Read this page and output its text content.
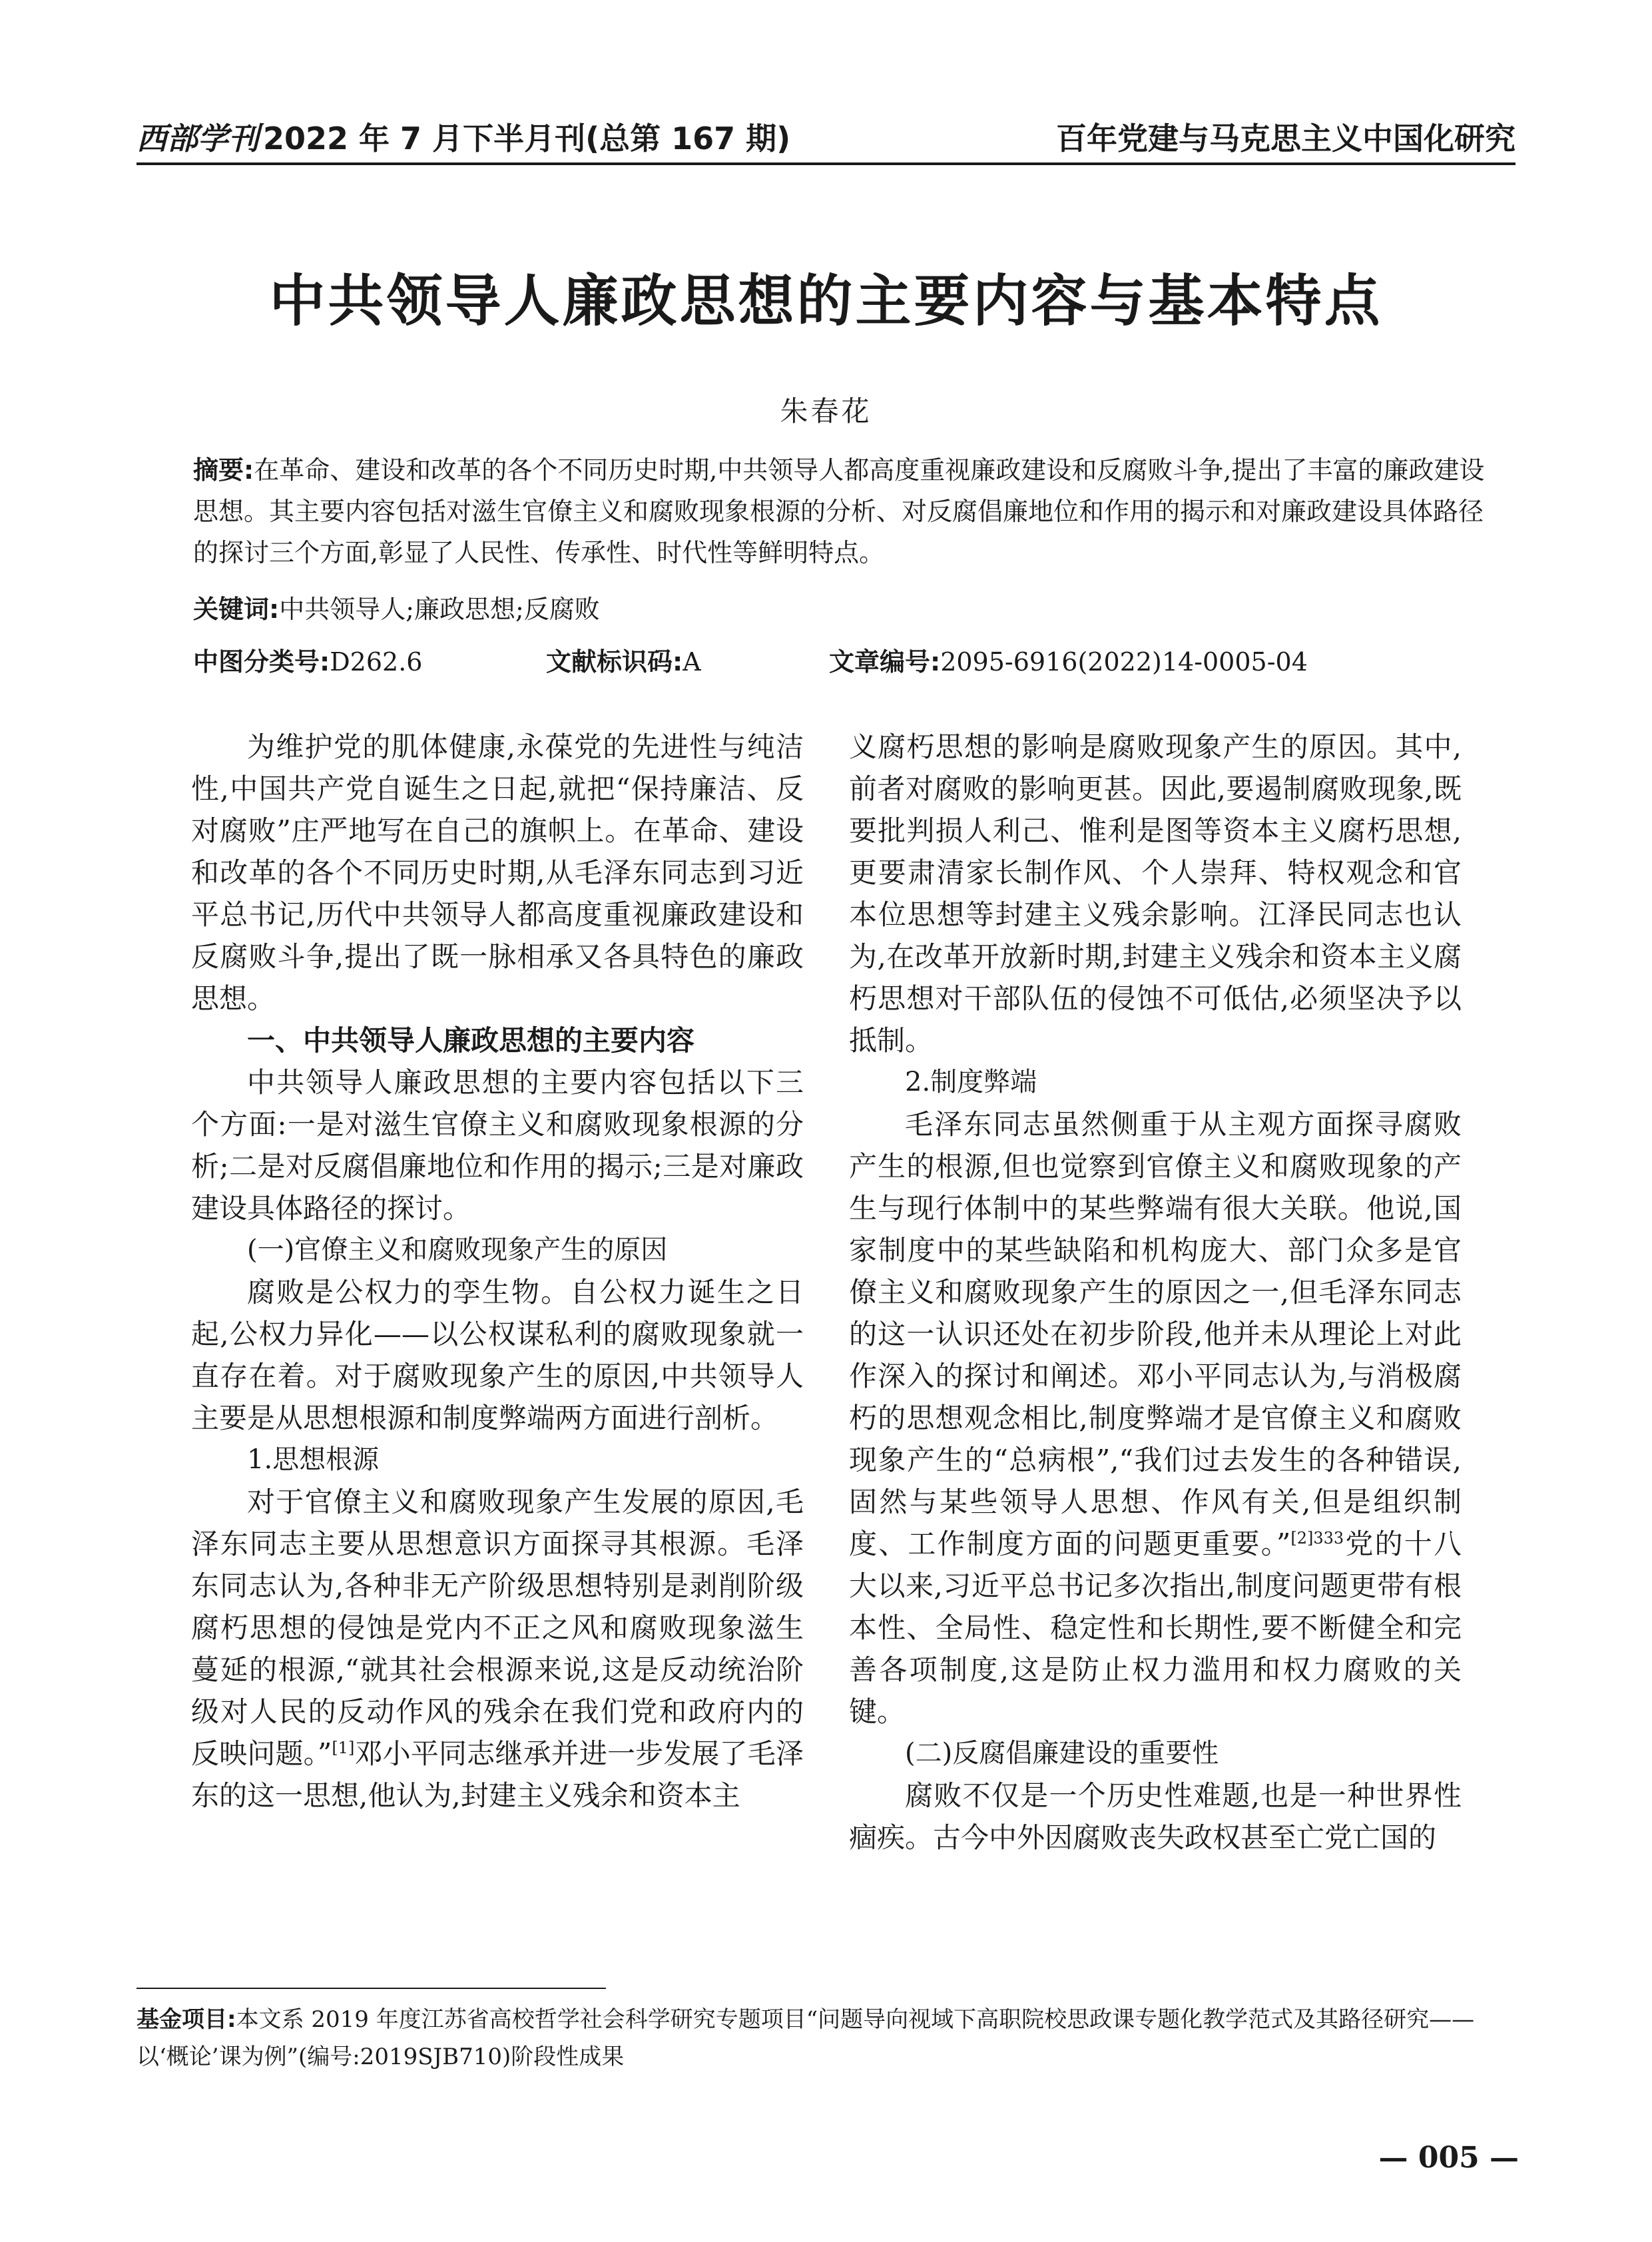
西部学刊 2022 年 7 月下半月刊(总第 167 期)	百年党建与马克思主义中国化研究
中共领导人廉政思想的主要内容与基本特点
朱春花
摘要:在革命、建设和改革的各个不同历史时期,中共领导人都高度重视廉政建设和反腐败斗争,提出了丰富的廉政建设思想。其主要内容包括对滋生官僚主义和腐败现象根源的分析、对反腐倡廉地位和作用的揭示和对廉政建设具体路径的探讨三个方面,彰显了人民性、传承性、时代性等鲜明特点。
关键词:中共领导人;廉政思想;反腐败
中图分类号:D262.6	文献标识码:A	文章编号:2095-6916(2022)14-0005-04

为维护党的肌体健康,永葆党的先进性与纯洁性,中国共产党自诞生之日起,就把“保持廉洁、反对腐败”庄严地写在自己的旗帜上。在革命、建设和改革的各个不同历史时期,从毛泽东同志到习近平总书记,历代中共领导人都高度重视廉政建设和反腐败斗争,提出了既一脉相承又各具特色的廉政思想。

一、中共领导人廉政思想的主要内容

中共领导人廉政思想的主要内容包括以下三个方面:一是对滋生官僚主义和腐败现象根源的分析;二是对反腐倡廉地位和作用的揭示;三是对廉政建设具体路径的探讨。

(一)官僚主义和腐败现象产生的原因

腐败是公权力的孪生物。自公权力诞生之日起,公权力异化——以公权谋私利的腐败现象就一直存在着。对于腐败现象产生的原因,中共领导人主要是从思想根源和制度弊端两方面进行剖析。

1.思想根源

对于官僚主义和腐败现象产生发展的原因,毛泽东同志主要从思想意识方面探寻其根源。毛泽东同志认为,各种非无产阶级思想特别是剥削阶级腐朽思想的侵蚀是党内不正之风和腐败现象滋生蔓延的根源,“就其社会根源来说,这是反动统治阶级对人民的反动作风的残余在我们党和政府内的反映问题。”[1]邓小平同志继承并进一步发展了毛泽东的这一思想,他认为,封建主义残余和资本主

义腐朽思想的影响是腐败现象产生的原因。其中,前者对腐败的影响更甚。因此,要遏制腐败现象,既要批判损人利己、惟利是图等资本主义腐朽思想,更要肃清家长制作风、个人崇拜、特权观念和官本位思想等封建主义残余影响。江泽民同志也认为,在改革开放新时期,封建主义残余和资本主义腐朽思想对干部队伍的侵蚀不可低估,必须坚决予以抵制。

2.制度弊端

毛泽东同志虽然侧重于从主观方面探寻腐败产生的根源,但也觉察到官僚主义和腐败现象的产生与现行体制中的某些弊端有很大关联。他说,国家制度中的某些缺陷和机构庞大、部门众多是官僚主义和腐败现象产生的原因之一,但毛泽东同志的这一认识还处在初步阶段,他并未从理论上对此作深入的探讨和阐述。邓小平同志认为,与消极腐朽的思想观念相比,制度弊端才是官僚主义和腐败现象产生的“总病根”,“我们过去发生的各种错误,固然与某些领导人思想、作风有关,但是组织制度、工作制度方面的问题更重要。”$^{[2]333}$党的十八大以来,习近平总书记多次指出,制度问题更带有根本性、全局性、稳定性和长期性,要不断健全和完善各项制度,这是防止权力滥用和权力腐败的关键。

(二)反腐倡廉建设的重要性

腐败不仅是一个历史性难题,也是一种世界性痼疾。古今中外因腐败丧失政权甚至亡党亡国的

基金项目:本文系 2019 年度江苏省高校哲学社会科学研究专题项目“问题导向视域下高职院校思政课专题化教学范式及其路径研究——以‘概论’课为例”(编号:2019SJB710)阶段性成果
— 005 —
